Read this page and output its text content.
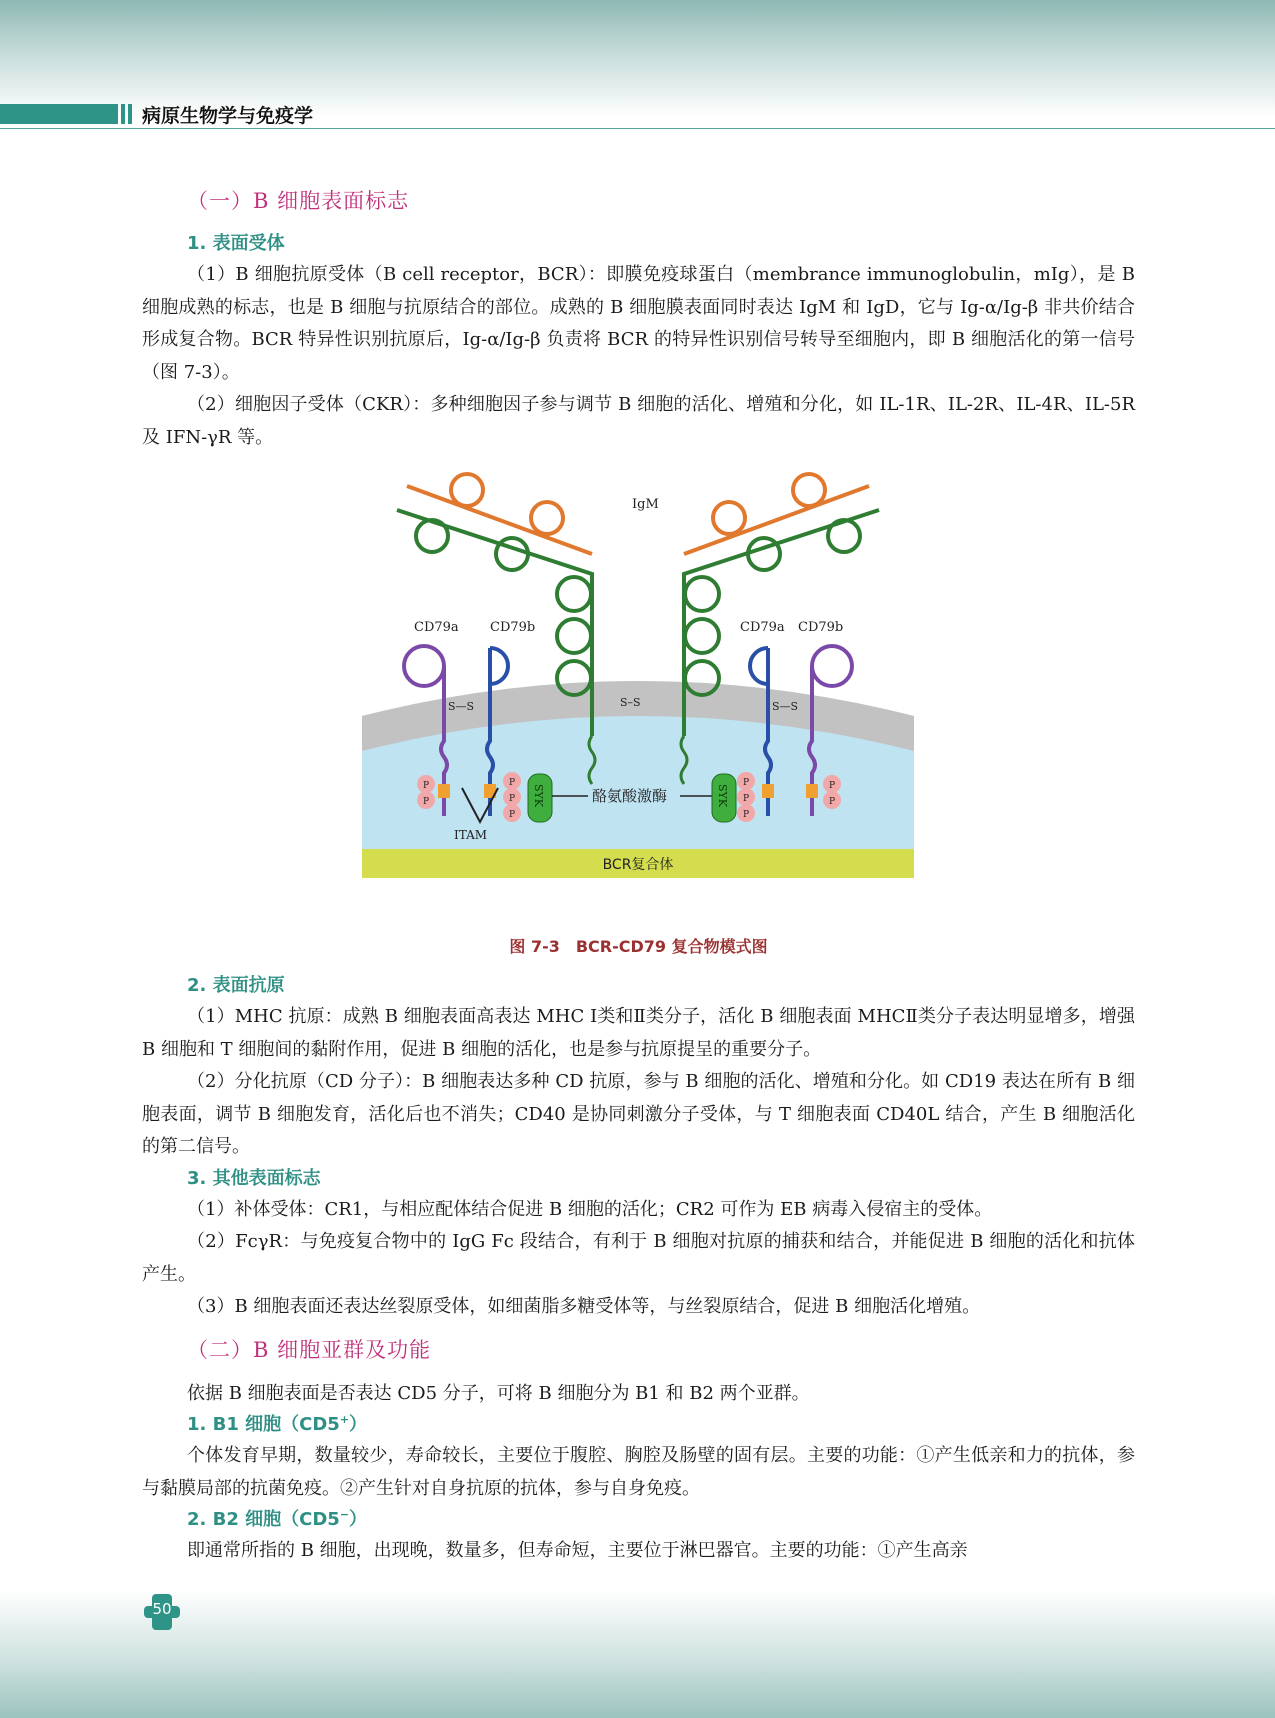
病原生物学与免疫学
（一）B 细胞表面标志
1. 表面受体

（1）B 细胞抗原受体（B cell receptor，BCR）：即膜免疫球蛋白（membrance immunoglobulin，mIg），是 B 细胞成熟的标志，也是 B 细胞与抗原结合的部位。成熟的 B 细胞膜表面同时表达 IgM 和 IgD，它与 Ig-α/Ig-β 非共价结合形成复合物。BCR 特异性识别抗原后，Ig-α/Ig-β 负责将 BCR 的特异性识别信号转导至细胞内，即 B 细胞活化的第一信号（图 7-3）。

（2）细胞因子受体（CKR）：多种细胞因子参与调节 B 细胞的活化、增殖和分化，如 IL-1R、IL-2R、IL-4R、IL-5R 及 IFN-γR 等。

BCR复合体
IgM
S–S
CD79a CD79b
S—S
P
P
P
P
P
ITAM
SYK	酪氨酸激酶
CD79a CD79b
S—S
P
P
P
P
P
SYK
图 7-3　BCR-CD79 复合物模式图
2. 表面抗原

（1）MHC 抗原：成熟 B 细胞表面高表达 MHC Ⅰ类和Ⅱ类分子，活化 B 细胞表面 MHCⅡ类分子表达明显增多，增强 B 细胞和 T 细胞间的黏附作用，促进 B 细胞的活化，也是参与抗原提呈的重要分子。

（2）分化抗原（CD 分子）：B 细胞表达多种 CD 抗原，参与 B 细胞的活化、增殖和分化。如 CD19 表达在所有 B 细胞表面，调节 B 细胞发育，活化后也不消失；CD40 是协同刺激分子受体，与 T 细胞表面 CD40L 结合，产生 B 细胞活化的第二信号。

3. 其他表面标志

（1）补体受体：CR1，与相应配体结合促进 B 细胞的活化；CR2 可作为 EB 病毒入侵宿主的受体。

（2）FcγR：与免疫复合物中的 IgG Fc 段结合，有利于 B 细胞对抗原的捕获和结合，并能促进 B 细胞的活化和抗体产生。

（3）B 细胞表面还表达丝裂原受体，如细菌脂多糖受体等，与丝裂原结合，促进 B 细胞活化增殖。

（二）B 细胞亚群及功能

依据 B 细胞表面是否表达 CD5 分子，可将 B 细胞分为 B1 和 B2 两个亚群。

1. B1 细胞（CD5+）

个体发育早期，数量较少，寿命较长，主要位于腹腔、胸腔及肠壁的固有层。主要的功能：①产生低亲和力的抗体，参与黏膜局部的抗菌免疫。②产生针对自身抗原的抗体，参与自身免疫。

2. B2 细胞（CD5−）

即通常所指的 B 细胞，出现晚，数量多，但寿命短，主要位于淋巴器官。主要的功能：①产生高亲

50
